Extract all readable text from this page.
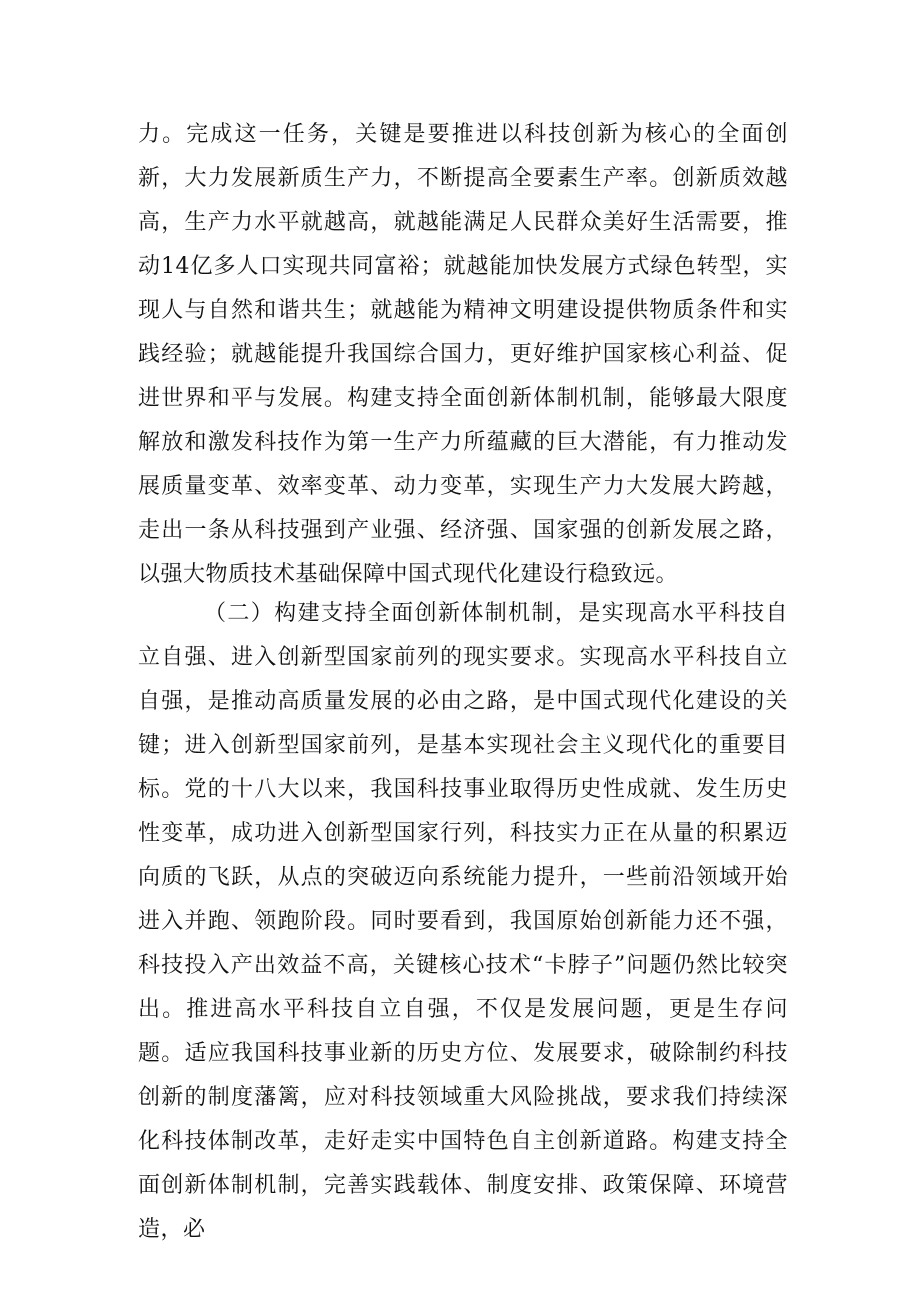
力。完成这一任务，关键是要推进以科技创新为核心的全面创新，大力发展新质生产力，不断提高全要素生产率。创新质效越高，生产力水平就越高，就越能满足人民群众美好生活需要，推动14亿多人口实现共同富裕；就越能加快发展方式绿色转型，实现人与自然和谐共生；就越能为精神文明建设提供物质条件和实践经验；就越能提升我国综合国力，更好维护国家核心利益、促进世界和平与发展。构建支持全面创新体制机制，能够最大限度解放和激发科技作为第一生产力所蕴藏的巨大潜能，有力推动发展质量变革、效率变革、动力变革，实现生产力大发展大跨越，走出一条从科技强到产业强、经济强、国家强的创新发展之路，以强大物质技术基础保障中国式现代化建设行稳致远。

（二）构建支持全面创新体制机制，是实现高水平科技自立自强、进入创新型国家前列的现实要求。实现高水平科技自立自强，是推动高质量发展的必由之路，是中国式现代化建设的关键；进入创新型国家前列，是基本实现社会主义现代化的重要目标。党的十八大以来，我国科技事业取得历史性成就、发生历史性变革，成功进入创新型国家行列，科技实力正在从量的积累迈向质的飞跃，从点的突破迈向系统能力提升，一些前沿领域开始进入并跑、领跑阶段。同时要看到，我国原始创新能力还不强，科技投入产出效益不高，关键核心技术“卡脖子”问题仍然比较突出。推进高水平科技自立自强，不仅是发展问题，更是生存问题。适应我国科技事业新的历史方位、发展要求，破除制约科技创新的制度藩篱，应对科技领域重大风险挑战，要求我们持续深化科技体制改革，走好走实中国特色自主创新道路。构建支持全面创新体制机制，完善实践载体、制度安排、政策保障、环境营造，必
